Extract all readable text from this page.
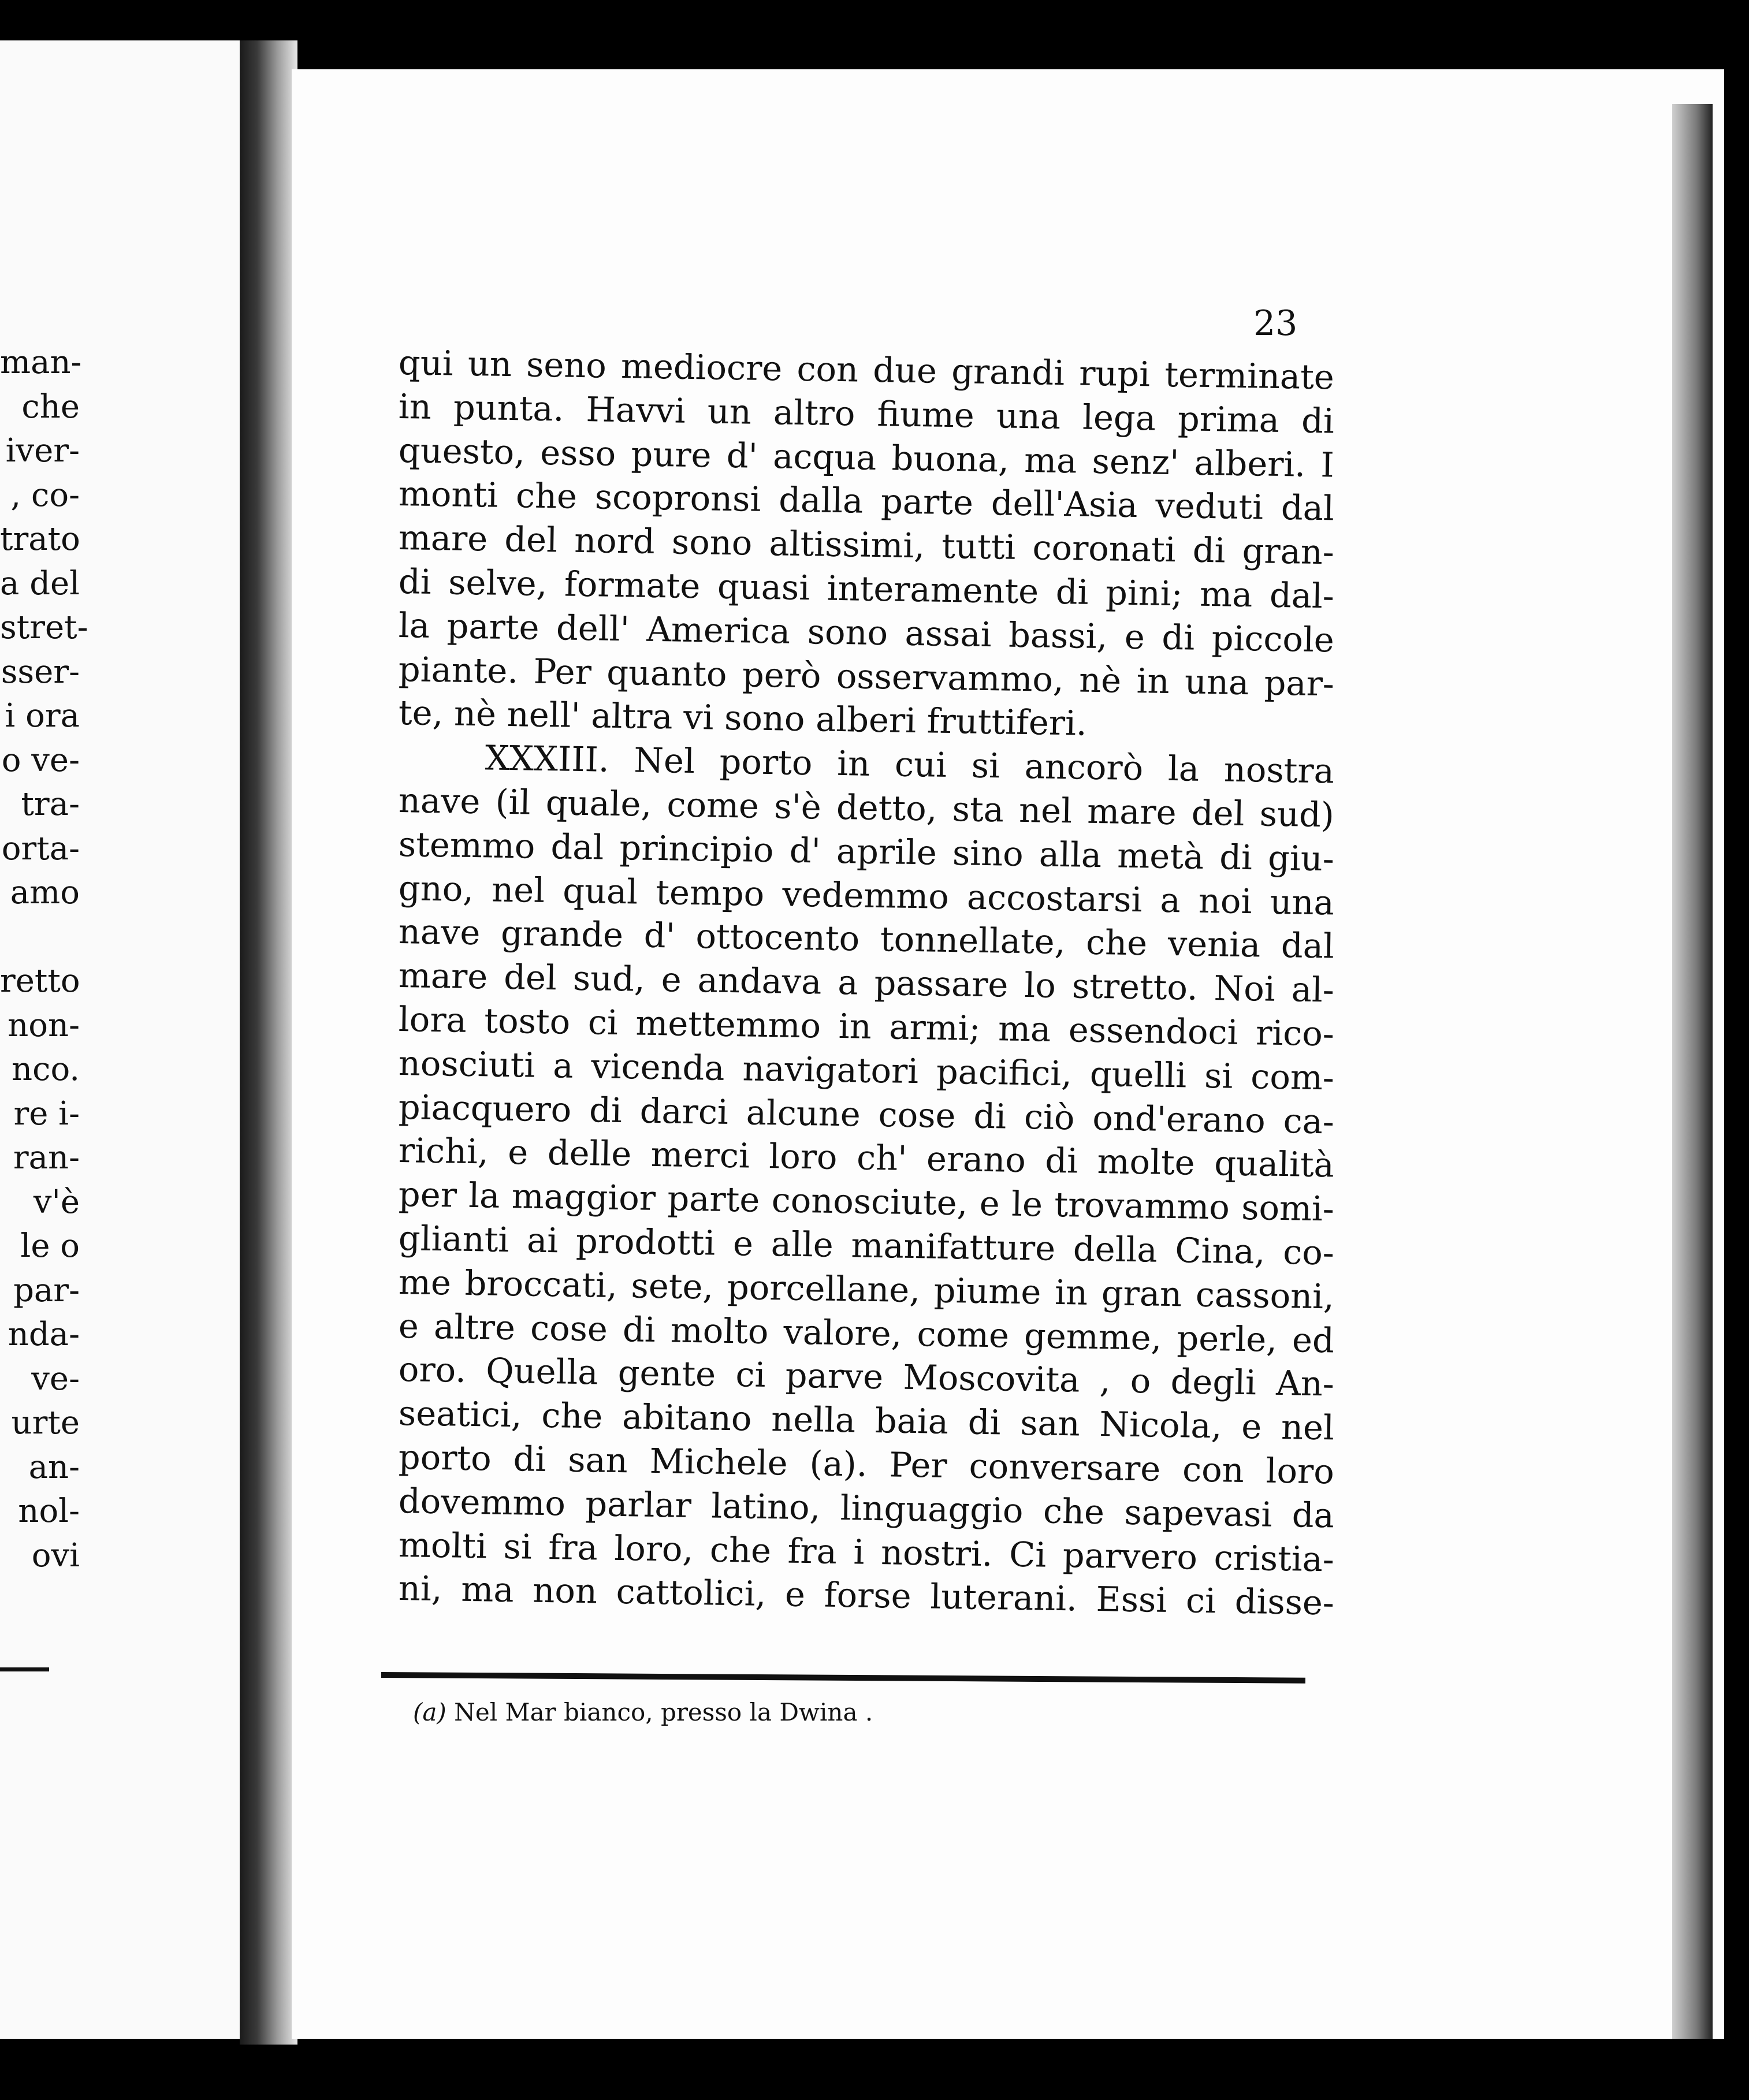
man-
che
iver-
, co-
trato
a del
stret-
sser-
i ora
o ve-
tra-
orta-
amo
retto
non-
nco.
re i-
ran-
v'è
le o
par-
nda-
ve-
urte
an-
nol-
ovi
23
qui un seno mediocre con due grandi rupi terminate
in punta. Havvi un altro fiume una lega prima di
questo, esso pure d' acqua buona, ma senz' alberi. I
monti che scopronsi dalla parte dell'Asia veduti dal
mare del nord sono altissimi, tutti coronati di gran-
di selve, formate quasi interamente di pini; ma dal-
la parte dell' America sono assai bassi, e di piccole
piante. Per quanto però osservammo, nè in una par-
te, nè nell' altra vi sono alberi fruttiferi.
XXXIII. Nel porto in cui si ancorò la nostra
nave (il quale, come s'è detto, sta nel mare del sud)
stemmo dal principio d' aprile sino alla metà di giu-
gno, nel qual tempo vedemmo accostarsi a noi una
nave grande d' ottocento tonnellate, che venia dal
mare del sud, e andava a passare lo stretto. Noi al-
lora tosto ci mettemmo in armi; ma essendoci rico-
nosciuti a vicenda navigatori pacifici, quelli si com-
piacquero di darci alcune cose di ciò ond'erano ca-
richi, e delle merci loro ch' erano di molte qualità
per la maggior parte conosciute, e le trovammo somi-
glianti ai prodotti e alle manifatture della Cina, co-
me broccati, sete, porcellane, piume in gran cassoni,
e altre cose di molto valore, come gemme, perle, ed
oro. Quella gente ci parve Moscovita , o degli An-
seatici, che abitano nella baia di san Nicola, e nel
porto di san Michele (a). Per conversare con loro
dovemmo parlar latino, linguaggio che sapevasi da
molti si fra loro, che fra i nostri. Ci parvero cristia-
ni, ma non cattolici, e forse luterani. Essi ci disse-
(a) Nel Mar bianco, presso la Dwina .
